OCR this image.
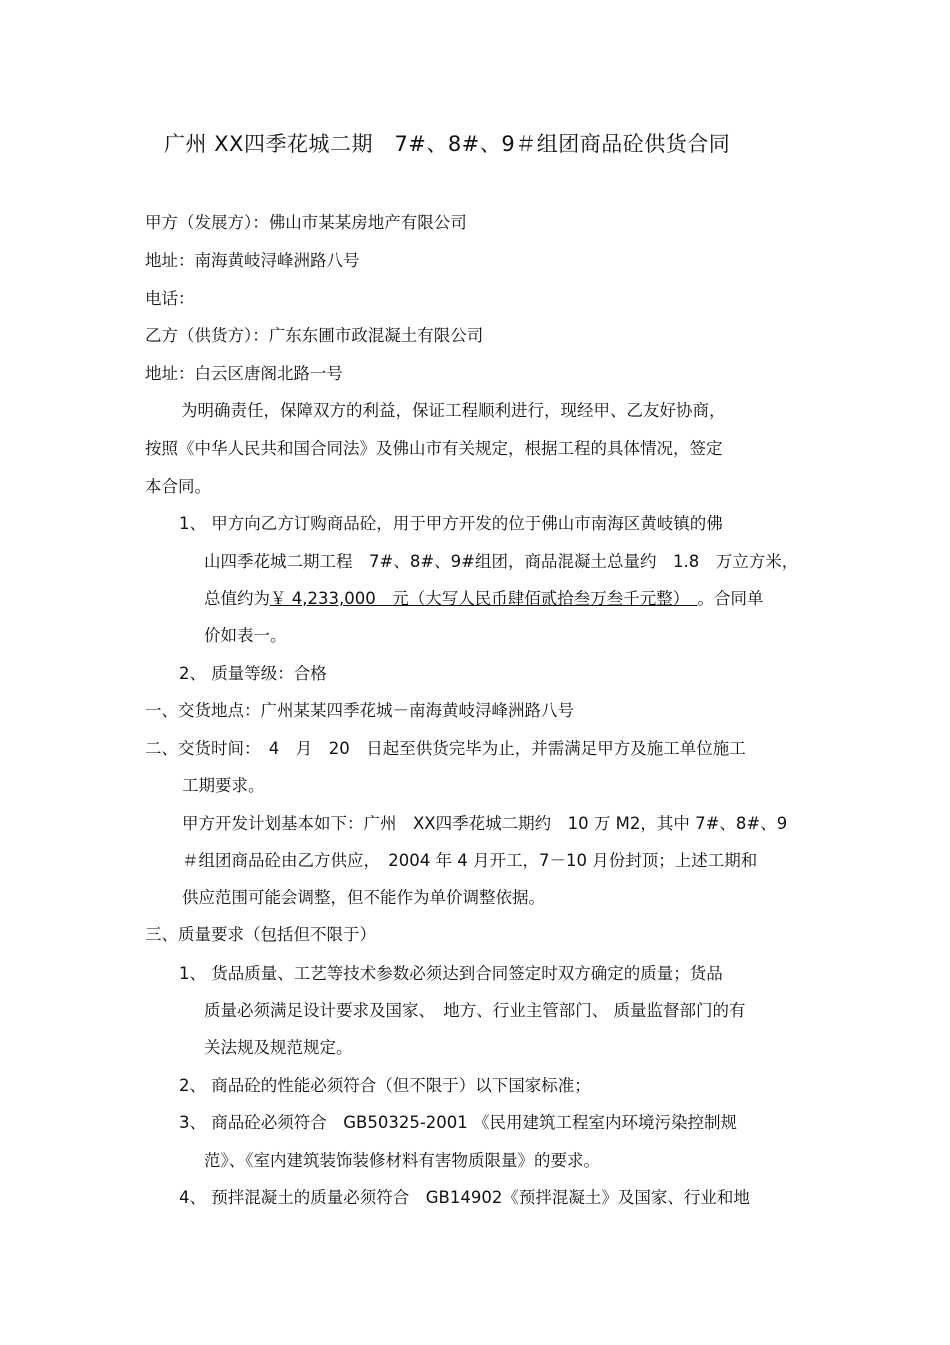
广州 XX四季花城二期　7#、8#、9＃组团商品砼供货合同
甲方（发展方）：佛山市某某房地产有限公司
地址：南海黄岐浔峰洲路八号
电话：
乙方（供货方）：广东东圃市政混凝土有限公司
地址：白云区唐阁北路一号
为明确责任，保障双方的利益，保证工程顺利进行，现经甲、乙友好协商，
按照《中华人民共和国合同法》及佛山市有关规定，根据工程的具体情况，签定
本合同。
1、 甲方向乙方订购商品砼，用于甲方开发的位于佛山市南海区黄岐镇的佛
山四季花城二期工程　7#、8#、9#组团，商品混凝土总量约　1.8　万立方米，
总值约为￥ 4,233,000　元（大写人民币肆佰贰拾叁万叁千元整）　。合同单
价如表一。
2、 质量等级：合格
一、交货地点：广州某某四季花城－南海黄岐浔峰洲路八号
二、交货时间：　4　月　20　日起至供货完毕为止，并需满足甲方及施工单位施工
工期要求。
甲方开发计划基本如下：广州　XX四季花城二期约　10 万 M2，其中 7#、8#、9
＃组团商品砼由乙方供应，　2004 年 4 月开工，7－10 月份封顶；上述工期和
供应范围可能会调整，但不能作为单价调整依据。
三、质量要求（包括但不限于）
1、 货品质量、工艺等技术参数必须达到合同签定时双方确定的质量；货品
质量必须满足设计要求及国家、　地方、行业主管部门、 质量监督部门的有
关法规及规范规定。
2、 商品砼的性能必须符合（但不限于）以下国家标准；
3、 商品砼必须符合　GB50325-2001 《民用建筑工程室内环境污染控制规
范》、《室内建筑装饰装修材料有害物质限量》的要求。
4、 预拌混凝土的质量必须符合　GB14902《预拌混凝土》及国家、行业和地
